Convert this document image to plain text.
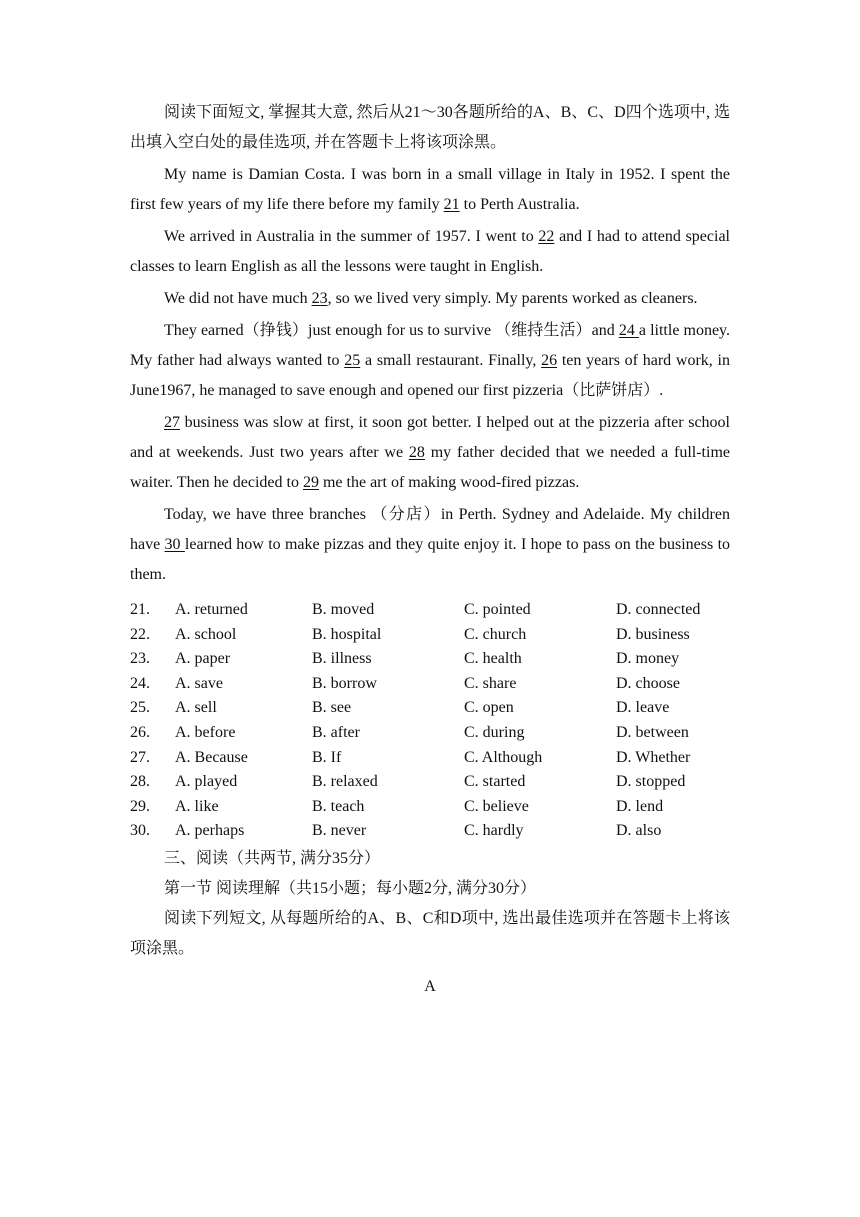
阅读下面短文, 掌握其大意, 然后从21～30各题所给的A、B、C、D四个选项中, 选出填入空白处的最佳选项, 并在答题卡上将该项涂黑。

My name is Damian Costa. I was born in a small village in Italy in 1952. I spent the first few years of my life there before my family 21 to Perth Australia.

We arrived in Australia in the summer of 1957. I went to 22 and I had to attend special classes to learn English as all the lessons were taught in English.

We did not have much 23, so we lived very simply. My parents worked as cleaners.

They earned（挣钱）just enough for us to survive （维持生活）and 24 a little money. My father had always wanted to 25 a small restaurant. Finally, 26 ten years of hard work, in June1967, he managed to save enough and opened our first pizzeria（比萨饼店）.

27 business was slow at first, it soon got better. I helped out at the pizzeria after school and at weekends. Just two years after we 28 my father decided that we needed a full-time waiter. Then he decided to 29 me the art of making wood-fired pizzas.

Today, we have three branches （分店）in Perth. Sydney and Adelaide. My children have 30 learned how to make pizzas and they quite enjoy it. I hope to pass on the business to them.

21.	A. returned	B. moved	C. pointed	D. connected
22.	A. school	B. hospital	C. church	D. business
23.	A. paper	B. illness	C. health	D. money
24.	A. save	B. borrow	C. share	D. choose
25.	A. sell	B. see	C. open	D. leave
26.	A. before	B. after	C. during	D. between
27.	A. Because	B. If	C. Although	D. Whether
28.	A. played	B. relaxed	C. started	D. stopped
29.	A. like	B. teach	C. believe	D. lend
30.	A. perhaps	B. never	C. hardly	D. also

三、阅读（共两节, 满分35分）

第一节 阅读理解（共15小题；每小题2分, 满分30分）

阅读下列短文, 从每题所给的A、B、C和D项中, 选出最佳选项并在答题卡上将该项涂黑。

A
